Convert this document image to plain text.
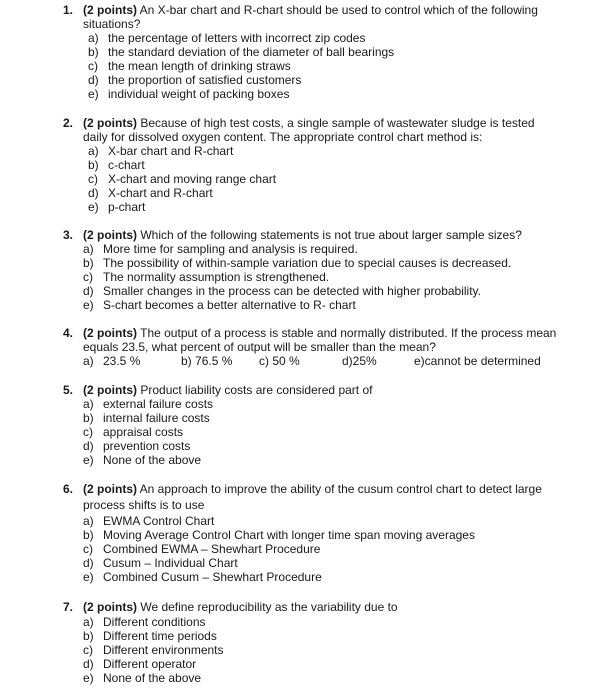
1. (2 points) An X-bar chart and R-chart should be used to control which of the following
situations?
a) the percentage of letters with incorrect zip codes
b) the standard deviation of the diameter of ball bearings
c) the mean length of drinking straws
d) the proportion of satisfied customers
e) individual weight of packing boxes
2. (2 points) Because of high test costs, a single sample of wastewater sludge is tested
daily for dissolved oxygen content. The appropriate control chart method is:
a) X-bar chart and R-chart
b) c-chart
c) X-chart and moving range chart
d) X-chart and R-chart
e) p-chart
3. (2 points) Which of the following statements is not true about larger sample sizes?
a) More time for sampling and analysis is required.
b) The possibility of within-sample variation due to special causes is decreased.
c) The normality assumption is strengthened.
d) Smaller changes in the process can be detected with higher probability.
e) S-chart becomes a better alternative to R- chart
4. (2 points) The output of a process is stable and normally distributed. If the process mean
equals 23.5, what percent of output will be smaller than the mean?
a) 23.5 %	b) 76.5 % c) 50 %	d)25%	e)cannot be determined
5. (2 points) Product liability costs are considered part of
a) external failure costs
b) internal failure costs
c) appraisal costs
d) prevention costs
e) None of the above
6. (2 points) An approach to improve the ability of the cusum control chart to detect large
process shifts is to use
a) EWMA Control Chart
b) Moving Average Control Chart with longer time span moving averages
c) Combined EWMA – Shewhart Procedure
d) Cusum – Individual Chart
e) Combined Cusum – Shewhart Procedure
7. (2 points) We define reproducibility as the variability due to
a) Different conditions
b) Different time periods
c) Different environments
d) Different operator
e) None of the above
